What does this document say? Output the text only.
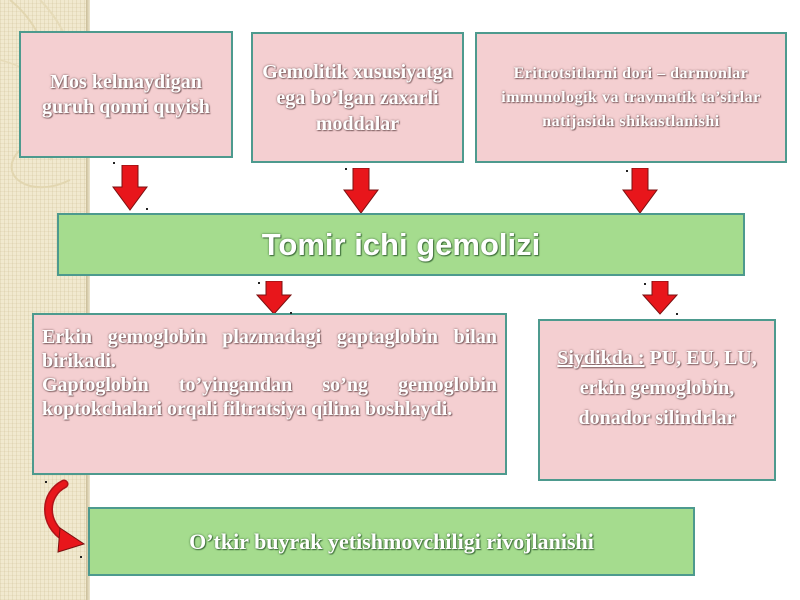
Mos kelmaydigan guruh qonni quyish
Gemolitik xususiyatga ega bo’lgan zaxarli moddalar
Eritrotsitlarni dori – darmonlar immunologik va travmatik ta’sirlar natijasida shikastlanishi
Tomir ichi gemolizi

Erkin gemoglobin plazmadagi gaptaglobin bilan birikadi.

Gaptoglobin to’yingandan so’ng gemoglobin koptokchalari orqali filtratsiya qilina boshlaydi.

Siydikda : PU, EU, LU, erkin gemoglobin, donador silindrlar
O’tkir buyrak yetishmovchiligi rivojlanishi
